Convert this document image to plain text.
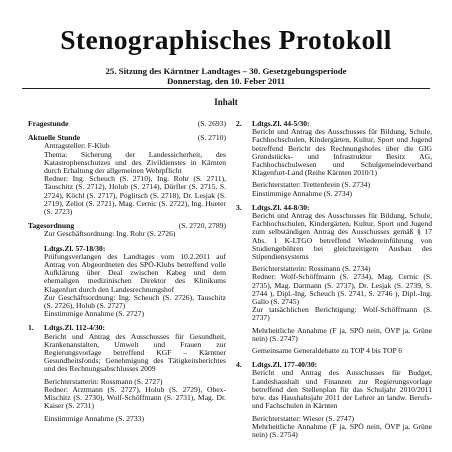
Stenographisches Protokoll
25. Sitzung des Kärntner Landtages – 30. Gesetzgebungsperiode
Donnerstag, den 10. Feber 2011
Inhalt
Fragestunde	(S. 2693)
Aktuelle Stunde	(S. 2710)

Antragsteller: F-Klub

Thema: Sicherung der Landessicherheit, des Katastrophenschutzes und des Zivildienstes in Kärnten durch Erhaltung der allgemeinen Wehrpflicht

Redner: Ing. Scheuch (S. 2710), Ing. Rohr (S. 2711), Tauschitz (S. 2712), Holub (S. 2714), Dörfler (S. 2715, S. 2724), Köchl (S. 2717), Poglitsch (S. 2718), Dr. Lesjak (S. 2719), Zellot (S. 2721), Mag. Cernic (S. 2722), Ing. Hueter (S. 2723)

Tagesordnung	(S. 2720, 2789)

Zur Geschäftsordnung: Ing. Rohr (S. 2726)

Ldtgs.Zl. 57-18/30:

Prüfungsverlangen des Landtages vom 10.2.2011 auf Antrag von Abgeordneten des SPÖ-Klubs betreffend volle Aufklärung über Deal zwischen Kabeg und dem ehemaligen medizinischen Direktor des Klinikums Klagenfurt durch den Landesrechnungshof

Zur Geschäftsordnung: Ing. Scheuch (S. 2726), Tauschitz (S. 2726), Holub (S. 2727)

Einstimmige Annahme (S. 2727)

1. Ldtgs.Zl. 112-4/30:

Bericht und Antrag des Ausschusses für Gesundheit, Krankenanstalten, Umwelt und Frauen zur Regierungsvorlage betreffend KGF – Kärntner Gesundheitsfonds; Genehmigung des Tätigkeitsberichtes und des Rechnungsabschlusses 2009

Berichterstatterin: Rossmann (S. 2727)

Redner: Arztmann (S. 2727), Holub (S. 2729), Obex-Mischitz (S. 2730), Wolf-Schöffmann (S. 2731), Mag. Dr. Kaiser (S. 2731)

Einstimmige Annahme (S. 2733)

2. Ldtgs.Zl. 44-5/30:

Bericht und Antrag des Ausschusses für Bildung, Schule, Fachhochschulen, Kindergärten, Kultur, Sport und Jugend betreffend Bericht des Rechnungshofes über die GIG Grundstücks- und Infrastruktur Besitz AG, Fachhochschulwesen und Schulgemeindeverband Klagenfurt-Land (Reihe Kärnten 2010/1)

Berichterstatter: Trettenbrein (S. 2734)

Einstimmige Annahme (S. 2734)

3. Ldtgs.Zl. 44-8/30:

Bericht und Antrag des Ausschusses für Bildung, Schule, Fachhochschulen, Kindergärten, Kultur, Sport und Jugend zum selbständigen Antrag des Ausschusses gemäß § 17 Abs. 1 K-LTGO betreffend Wiedereinführung von Studiengebühren bei gleichzeitigem Ausbau des Stipendiensystems

Berichterstatterin: Rossmann (S. 2734)

Redner: Wolf-Schöffmann (S. 2734), Mag. Cernic (S. 2735), Mag. Darmann (S. 2737), Dr. Lesjak (S. 2739, S. 2744 ), Dipl.-Ing. Scheuch (S. 2741, S. 2746 ), Dipl.-Ing. Gallo (S. 2745)

Zur tatsächlichen Berichtigung: Wolf-Schöffmann (S. 2737)

Mehrheitliche Annahme (F ja, SPÖ nein, ÖVP ja, Grüne nein) (S. 2747)

Gemeinsame Generaldebatte zu TOP 4 bis TOP 6

4. Ldtgs.Zl. 177-40/30:

Bericht und Antrag des Ausschusses für Budget, Landeshaushalt und Finanzen zur Regierungsvorlage betreffend den Stellenplan für das Schuljahr 2010/2011 bzw. das Haushaltsjahr 2011 der Lehrer an landw. Berufs- und Fachschulen in Kärnten

Berichterstatter: Wieser (S. 2747)

Mehrheitliche Annahme (F ja, SPÖ nein, ÖVP ja, Grüne nein) (S. 2754)
